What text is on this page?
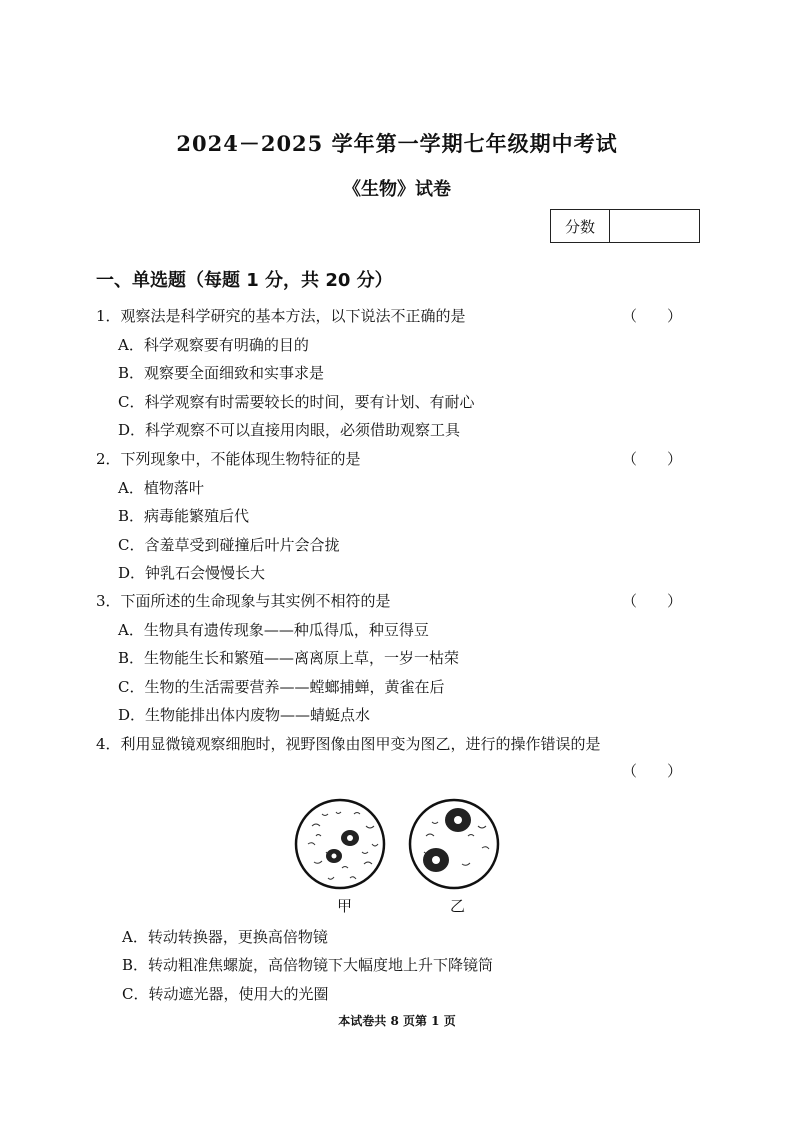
2024－2025 学年第一学期七年级期中考试
《生物》试卷
分数
一、单选题（每题 1 分，共 20 分）
1．观察法是科学研究的基本方法，以下说法不正确的是	（　　）
A．科学观察要有明确的目的
B．观察要全面细致和实事求是
C．科学观察有时需要较长的时间，要有计划、有耐心
D．科学观察不可以直接用肉眼，必须借助观察工具
2．下列现象中，不能体现生物特征的是	（　　）
A．植物落叶
B．病毒能繁殖后代
C．含羞草受到碰撞后叶片会合拢
D．钟乳石会慢慢长大
3．下面所述的生命现象与其实例不相符的是	（　　）
A．生物具有遗传现象——种瓜得瓜，种豆得豆
B．生物能生长和繁殖——离离原上草，一岁一枯荣
C．生物的生活需要营养——螳螂捕蝉，黄雀在后
D．生物能排出体内废物——蜻蜓点水
4．利用显微镜观察细胞时，视野图像由图甲变为图乙，进行的操作错误的是
（　　）
甲	乙
A．转动转换器，更换高倍物镜
B．转动粗准焦螺旋，高倍物镜下大幅度地上升下降镜筒
C．转动遮光器，使用大的光圈
本试卷共 8 页第 1 页
